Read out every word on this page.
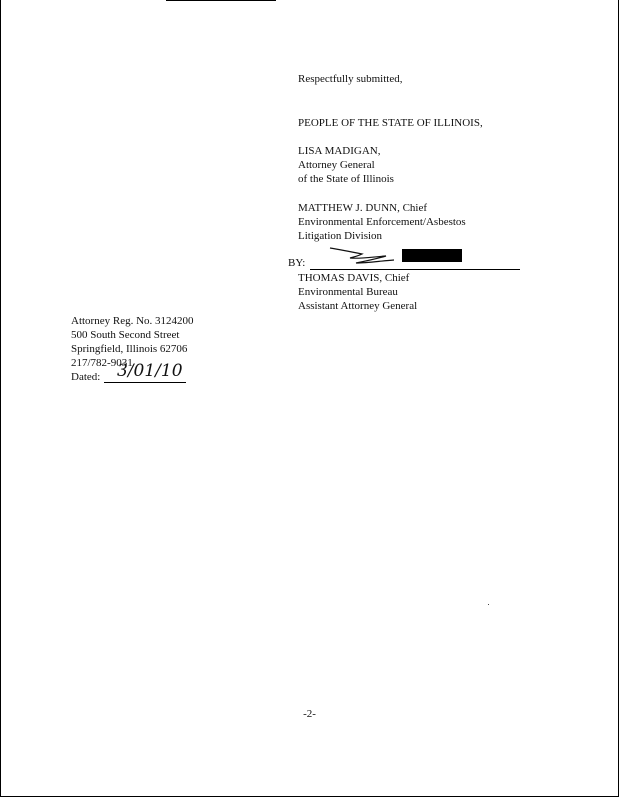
Respectfully submitted,
PEOPLE OF THE STATE OF ILLINOIS,
LISA MADIGAN,
Attorney General
of the State of Illinois
MATTHEW J. DUNN, Chief
Environmental Enforcement/Asbestos
Litigation Division
BY:
THOMAS DAVIS, Chief
Environmental Bureau
Assistant Attorney General
Attorney Reg. No. 3124200
500 South Second Street
Springfield, Illinois 62706
217/782-9031
Dated: 3/01/10
-2-
